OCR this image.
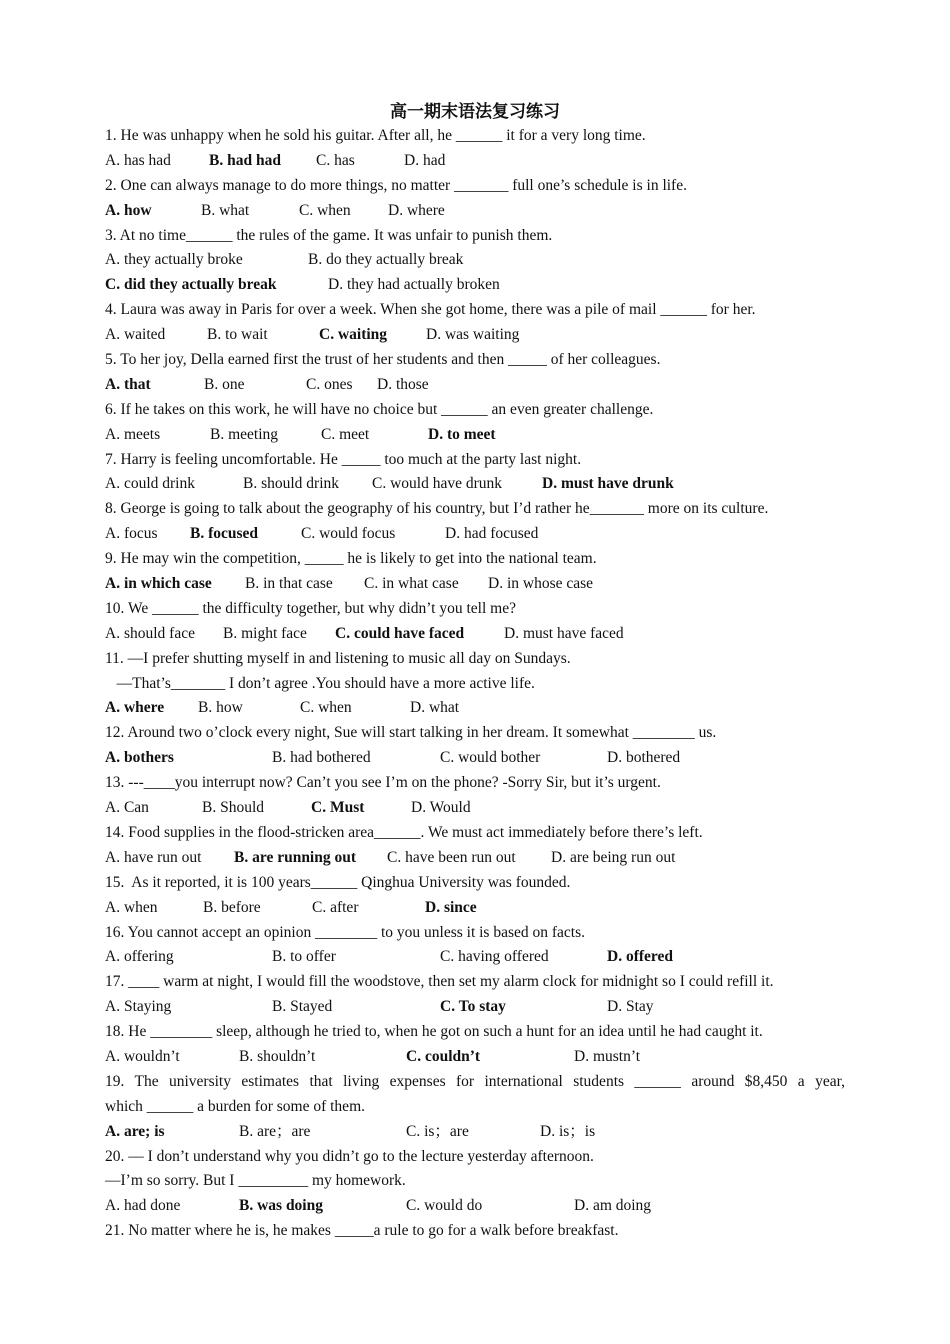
高一期末语法复习练习
1. He was unhappy when he sold his guitar. After all, he ______ it for a very long time.
A. has had B. had had C. has	D. had
2. One can always manage to do more things, no matter _______ full one’s schedule is in life.
A. how	B. what	C. when D. where
3. At no time______ the rules of the game. It was unfair to punish them.
A. they actually broke	B. do they actually break
C. did they actually break	D. they had actually broken
4. Laura was away in Paris for over a week. When she got home, there was a pile of mail ______ for her.
A. waited	B. to wait	C. waiting	D. was waiting
5. To her joy, Della earned first the trust of her students and then _____ of her colleagues.
A. that	B. one	C. ones D. those
6. If he takes on this work, he will have no choice but ______ an even greater challenge.
A. meets	B. meeting	C. meet	D. to meet
7. Harry is feeling uncomfortable. He _____ too much at the party last night.
A. could drink	B. should drink C. would have drunk	D. must have drunk
8. George is going to talk about the geography of his country, but I’d rather he_______ more on its culture.
A. focus B. focused	C. would focus	D. had focused
9. He may win the competition, _____ he is likely to get into the national team.
A. in which case B. in that case C. in what case D. in whose case
10. We ______ the difficulty together, but why didn’t you tell me?
A. should face B. might face C. could have faced	D. must have faced
11. —I prefer shutting myself in and listening to music all day on Sundays.
—That’s_______ I don’t agree .You should have a more active life.
A. where B. how	C. when	D. what
12. Around two o’clock every night, Sue will start talking in her dream. It somewhat ________ us.
A. bothers	B. had bothered	C. would bother	D. bothered
13. ---____you interrupt now? Can’t you see I’m on the phone? -Sorry Sir, but it’s urgent.
A. Can	B. Should	C. Must	D. Would
14. Food supplies in the flood-stricken area______. We must act immediately before there’s left.
A. have run out B. are running out C. have been run out D. are being run out
15.  As it reported, it is 100 years______ Qinghua University was founded.
A. when	B. before	C. after	D. since
16. You cannot accept an opinion ________ to you unless it is based on facts.
A. offering	B. to offer	C. having offered	D. offered
17. ____ warm at night, I would fill the woodstove, then set my alarm clock for midnight so I could refill it.
A. Staying	B. Stayed	C. To stay	D. Stay
18. He ________ sleep, although he tried to, when he got on such a hunt for an idea until he had caught it.
A. wouldn’t	B. shouldn’t	C. couldn’t	D. mustn’t
19. The university estimates that living expenses for international students ______ around $8,450 a year,
which ______ a burden for some of them.
A. are; is	B. are；are	C. is；are	D. is；is
20. — I don’t understand why you didn’t go to the lecture yesterday afternoon.
—I’m so sorry. But I _________ my homework.
A. had done	B. was doing	C. would do	D. am doing
21. No matter where he is, he makes _____a rule to go for a walk before breakfast.
